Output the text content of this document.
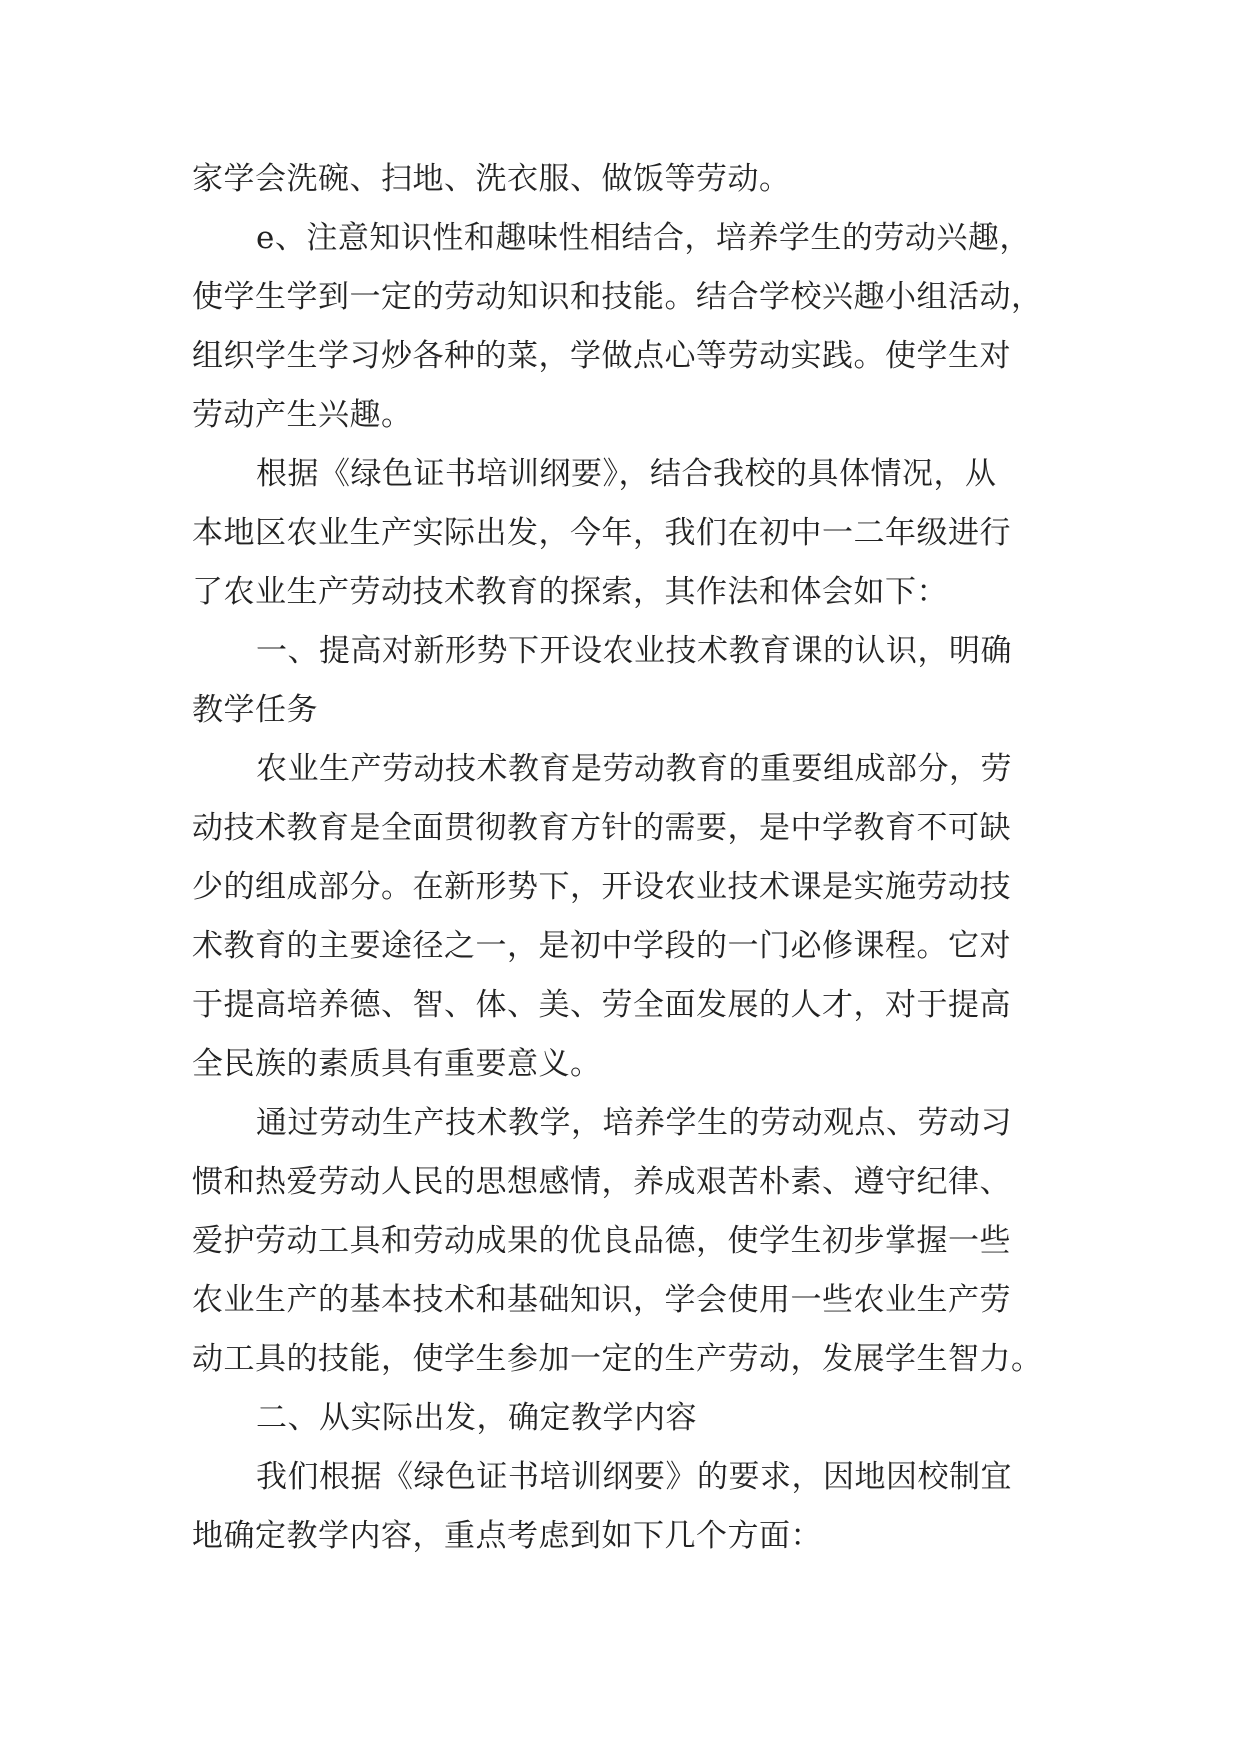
家学会洗碗、扫地、洗衣服、做饭等劳动。
e、注意知识性和趣味性相结合，培养学生的劳动兴趣，
使学生学到一定的劳动知识和技能。结合学校兴趣小组活动，
组织学生学习炒各种的菜，学做点心等劳动实践。使学生对
劳动产生兴趣。
根据《绿色证书培训纲要》，结合我校的具体情况，从
本地区农业生产实际出发，今年，我们在初中一二年级进行
了农业生产劳动技术教育的探索，其作法和体会如下：
一、提高对新形势下开设农业技术教育课的认识，明确
教学任务
农业生产劳动技术教育是劳动教育的重要组成部分，劳
动技术教育是全面贯彻教育方针的需要，是中学教育不可缺
少的组成部分。在新形势下，开设农业技术课是实施劳动技
术教育的主要途径之一，是初中学段的一门必修课程。它对
于提高培养德、智、体、美、劳全面发展的人才，对于提高
全民族的素质具有重要意义。
通过劳动生产技术教学，培养学生的劳动观点、劳动习
惯和热爱劳动人民的思想感情，养成艰苦朴素、遵守纪律、
爱护劳动工具和劳动成果的优良品德，使学生初步掌握一些
农业生产的基本技术和基础知识，学会使用一些农业生产劳
动工具的技能，使学生参加一定的生产劳动，发展学生智力。
二、从实际出发，确定教学内容
我们根据《绿色证书培训纲要》的要求，因地因校制宜
地确定教学内容，重点考虑到如下几个方面：
